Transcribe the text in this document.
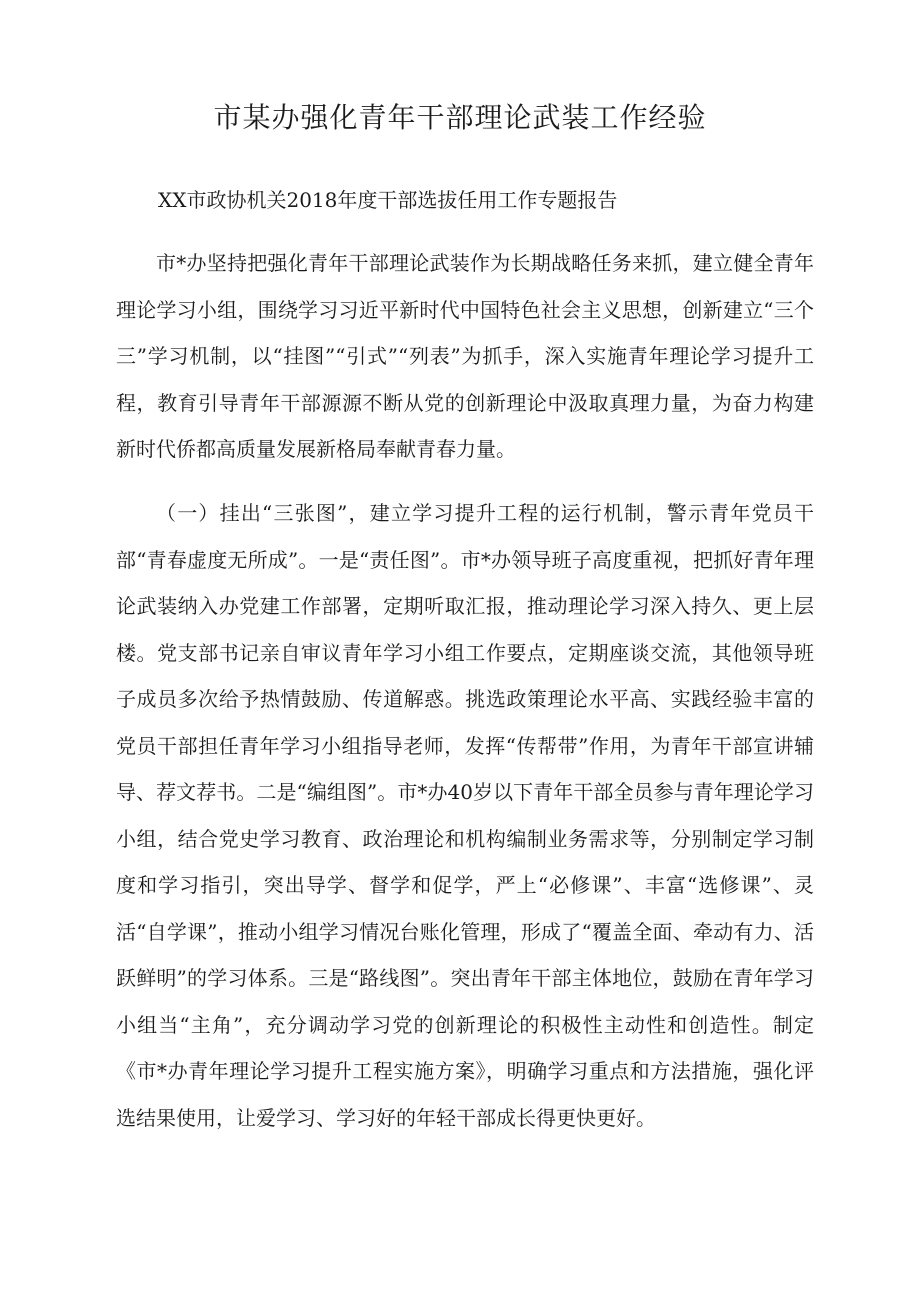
市某办强化青年干部理论武装工作经验

XX市政协机关2018年度干部选拔任用工作专题报告

市*办坚持把强化青年干部理论武装作为长期战略任务来抓，建立健全青年理论学习小组，围绕学习习近平新时代中国特色社会主义思想，创新建立“三个三”学习机制，以“挂图”“引式”“列表”为抓手，深入实施青年理论学习提升工程，教育引导青年干部源源不断从党的创新理论中汲取真理力量，为奋力构建新时代侨都高质量发展新格局奉献青春力量。

（一）挂出“三张图”，建立学习提升工程的运行机制，警示青年党员干部“青春虚度无所成”。一是“责任图”。市*办领导班子高度重视，把抓好青年理论武装纳入办党建工作部署，定期听取汇报，推动理论学习深入持久、更上层楼。党支部书记亲自审议青年学习小组工作要点，定期座谈交流，其他领导班子成员多次给予热情鼓励、传道解惑。挑选政策理论水平高、实践经验丰富的党员干部担任青年学习小组指导老师，发挥“传帮带”作用，为青年干部宣讲辅导、荐文荐书。二是“编组图”。市*办40岁以下青年干部全员参与青年理论学习小组，结合党史学习教育、政治理论和机构编制业务需求等，分别制定学习制度和学习指引，突出导学、督学和促学，严上“必修课”、丰富“选修课”、灵活“自学课”，推动小组学习情况台账化管理，形成了“覆盖全面、牵动有力、活跃鲜明”的学习体系。三是“路线图”。突出青年干部主体地位，鼓励在青年学习小组当“主角”，充分调动学习党的创新理论的积极性主动性和创造性。制定《市*办青年理论学习提升工程实施方案》，明确学习重点和方法措施，强化评选结果使用，让爱学习、学习好的年轻干部成长得更快更好。
